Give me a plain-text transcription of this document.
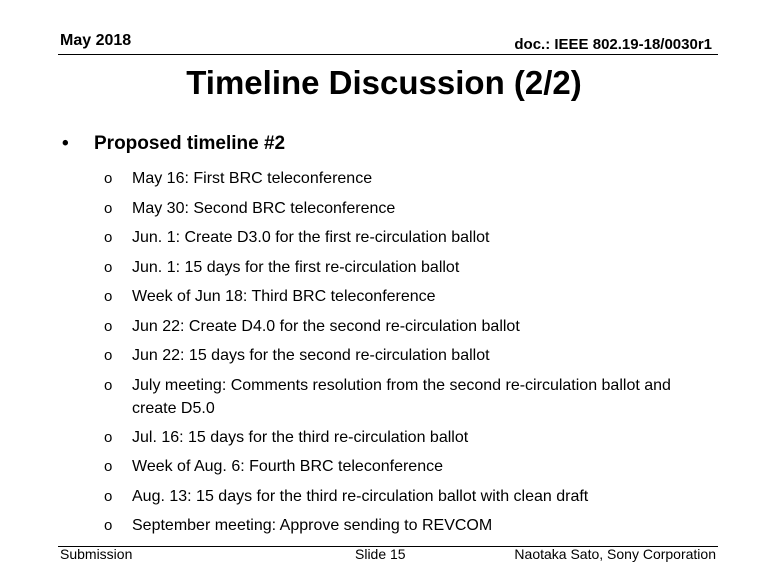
May 2018	doc.: IEEE 802.19-18/0030r1
Timeline Discussion (2/2)
•	Proposed timeline #2
o	May 16: First BRC teleconference
o	May 30: Second BRC teleconference
o	Jun. 1: Create D3.0 for the first re-circulation ballot
o	Jun. 1: 15 days for the first re-circulation ballot
o	Week of Jun 18: Third BRC teleconference
o	Jun 22: Create D4.0 for the second re-circulation ballot
o	Jun 22: 15 days for the second re-circulation ballot
o	July meeting: Comments resolution from the second re-circulation ballot and create D5.0
o	Jul. 16: 15 days for the third re-circulation ballot
o	Week of Aug. 6: Fourth BRC teleconference
o	Aug. 13: 15 days for the third re-circulation ballot with clean draft
o	September meeting: Approve sending to REVCOM
Submission	Slide 15	Naotaka Sato, Sony Corporation
